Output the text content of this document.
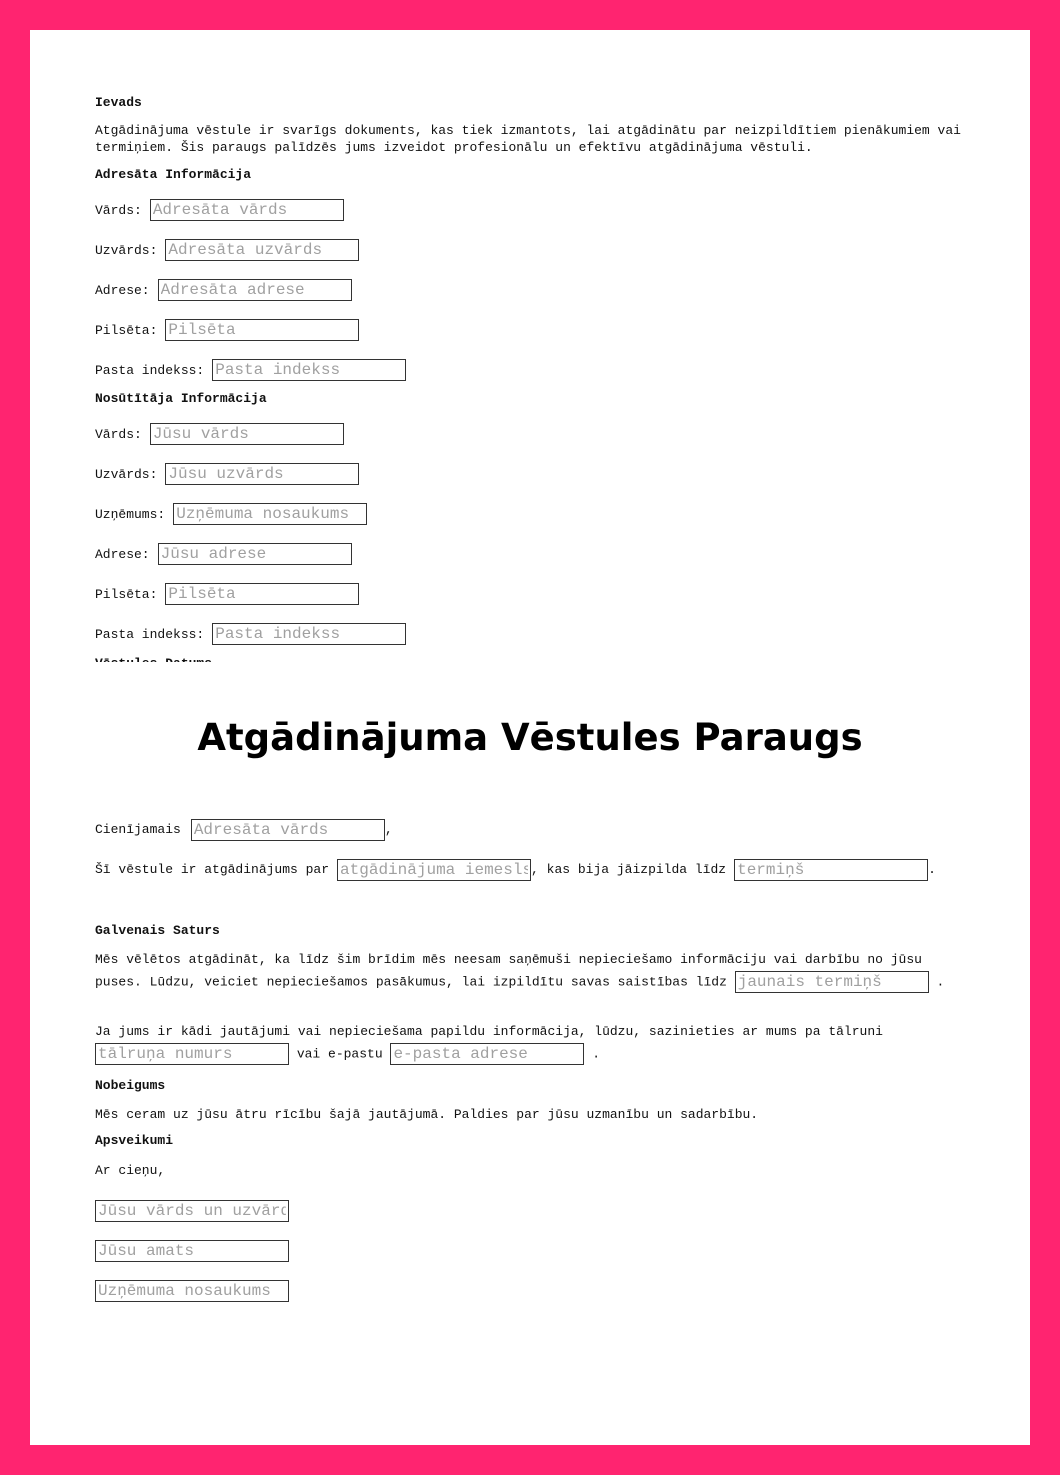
Ievads
Atgādinājuma vēstule ir svarīgs dokuments, kas tiek izmantots, lai atgādinātu par neizpildītiem pienākumiem vai termiņiem. Šis paraugs palīdzēs jums izveidot profesionālu un efektīvu atgādinājuma vēstuli.
Adresāta Informācija
Vārds:
Adresāta vārds
Uzvārds:
Adresāta uzvārds
Adrese:
Adresāta adrese
Pilsēta:
Pilsēta
Pasta indekss:
Pasta indekss
Nosūtītāja Informācija
Vārds:
Jūsu vārds
Uzvārds:
Jūsu uzvārds
Uzņēmums:
Uzņēmuma nosaukums
Adrese:
Jūsu adrese
Pilsēta:
Pilsēta
Pasta indekss:
Pasta indekss
Atgādinājuma Vēstules Paraugs
Cienījamais
Adresāta vārds	,
Šī vēstule ir atgādinājums par
atgādinājuma iemesls	, kas bija jāizpilda līdz
termiņš	.
Galvenais Saturs
Mēs vēlētos atgādināt, ka līdz šim brīdim mēs neesam saņēmuši nepieciešamo informāciju vai darbību no jūsu puses. Lūdzu, veiciet nepieciešamos pasākumus, lai izpildītu savas saistības līdz jaunais termiņš	.
Ja jums ir kādi jautājumi vai nepieciešama papildu informācija, lūdzu, sazinieties ar mums pa tālruni tālruņa numurs vai e-pastu e-pasta adrese	.
Nobeigums
Mēs ceram uz jūsu ātru rīcību šajā jautājumā. Paldies par jūsu uzmanību un sadarbību.
Apsveikumi
Ar cieņu,
Jūsu vārds un uzvārds
Jūsu amats
Uzņēmuma nosaukums
